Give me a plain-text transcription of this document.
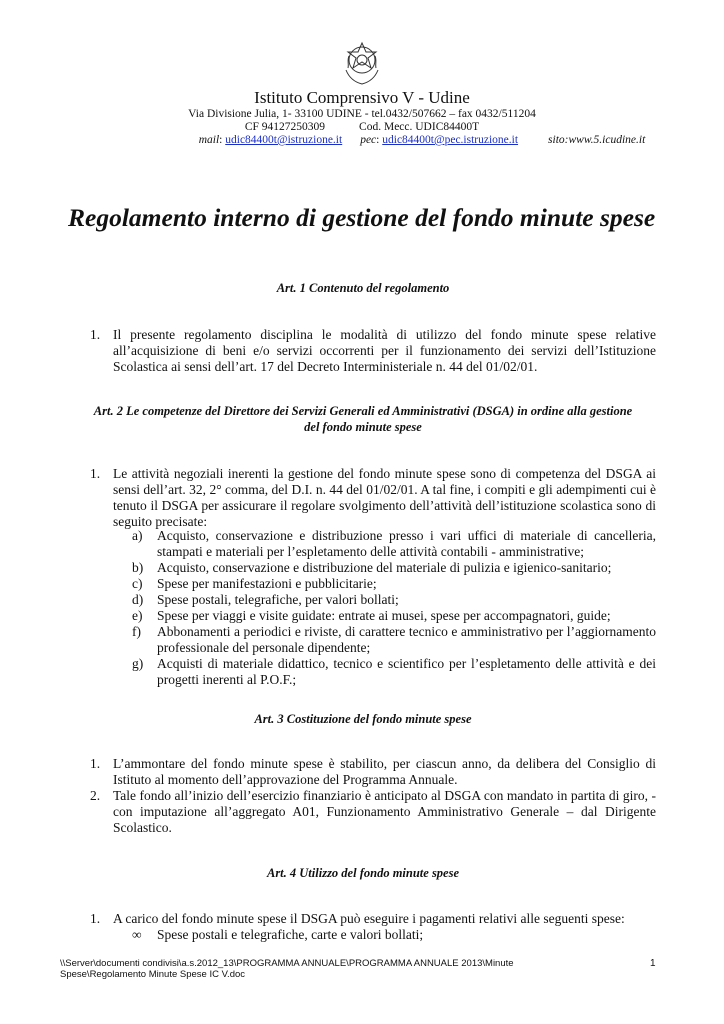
Istituto Comprensivo V - Udine
Via Divisione Julia, 1- 33100 UDINE - tel.0432/507662 – fax 0432/511204
CF 94127250309	Cod. Mecc. UDIC84400T
mail: udic84400t@istruzione.it pec: udic84400t@pec.istruzione.it	sito:www.5.icudine.it
Regolamento interno di gestione del fondo minute spese
Art. 1 Contenuto del regolamento
1. Il presente regolamento disciplina le modalità di utilizzo del fondo minute spese relative all’acquisizione di beni e/o servizi occorrenti per il funzionamento dei servizi dell’Istituzione Scolastica ai sensi dell’art. 17 del Decreto Interministeriale n. 44 del 01/02/01.
Art. 2 Le competenze del Direttore dei Servizi Generali ed Amministrativi (DSGA) in ordine alla gestione
del fondo minute spese
1. Le attività negoziali inerenti la gestione del fondo minute spese sono di competenza del DSGA ai sensi dell’art. 32, 2° comma, del D.I. n. 44 del 01/02/01. A tal fine, i compiti e gli adempimenti cui è tenuto il DSGA per assicurare il regolare svolgimento dell’attività dell’istituzione scolastica sono di seguito precisate:
a) Acquisto, conservazione e distribuzione presso i vari uffici di materiale di cancelleria, stampati e materiali per l’espletamento delle attività contabili - amministrative;
b) Acquisto, conservazione e distribuzione del materiale di pulizia e igienico-sanitario;
c) Spese per manifestazioni e pubblicitarie;
d) Spese postali, telegrafiche, per valori bollati;
e) Spese per viaggi e visite guidate: entrate ai musei, spese per accompagnatori, guide;
f) Abbonamenti a periodici e riviste, di carattere tecnico e amministrativo per l’aggiornamento professionale del personale dipendente;
g) Acquisti di materiale didattico, tecnico e scientifico per l’espletamento delle attività e dei progetti inerenti al P.O.F.;
Art. 3 Costituzione del fondo minute spese
1. L’ammontare del fondo minute spese è stabilito, per ciascun anno, da delibera del Consiglio di Istituto al momento dell’approvazione del Programma Annuale.
2. Tale fondo all’inizio dell’esercizio finanziario è anticipato al DSGA con mandato in partita di giro, - con imputazione all’aggregato A01, Funzionamento Amministrativo Generale – dal Dirigente Scolastico.
Art. 4 Utilizzo del fondo minute spese
1. A carico del fondo minute spese il DSGA può eseguire i pagamenti relativi alle seguenti spese:
∞ Spese postali e telegrafiche, carte e valori bollati;
\\Server\documenti condivisi\a.s.2012_13\PROGRAMMA ANNUALE\PROGRAMMA ANNUALE 2013\Minute Spese\Regolamento Minute Spese IC V.doc
1
